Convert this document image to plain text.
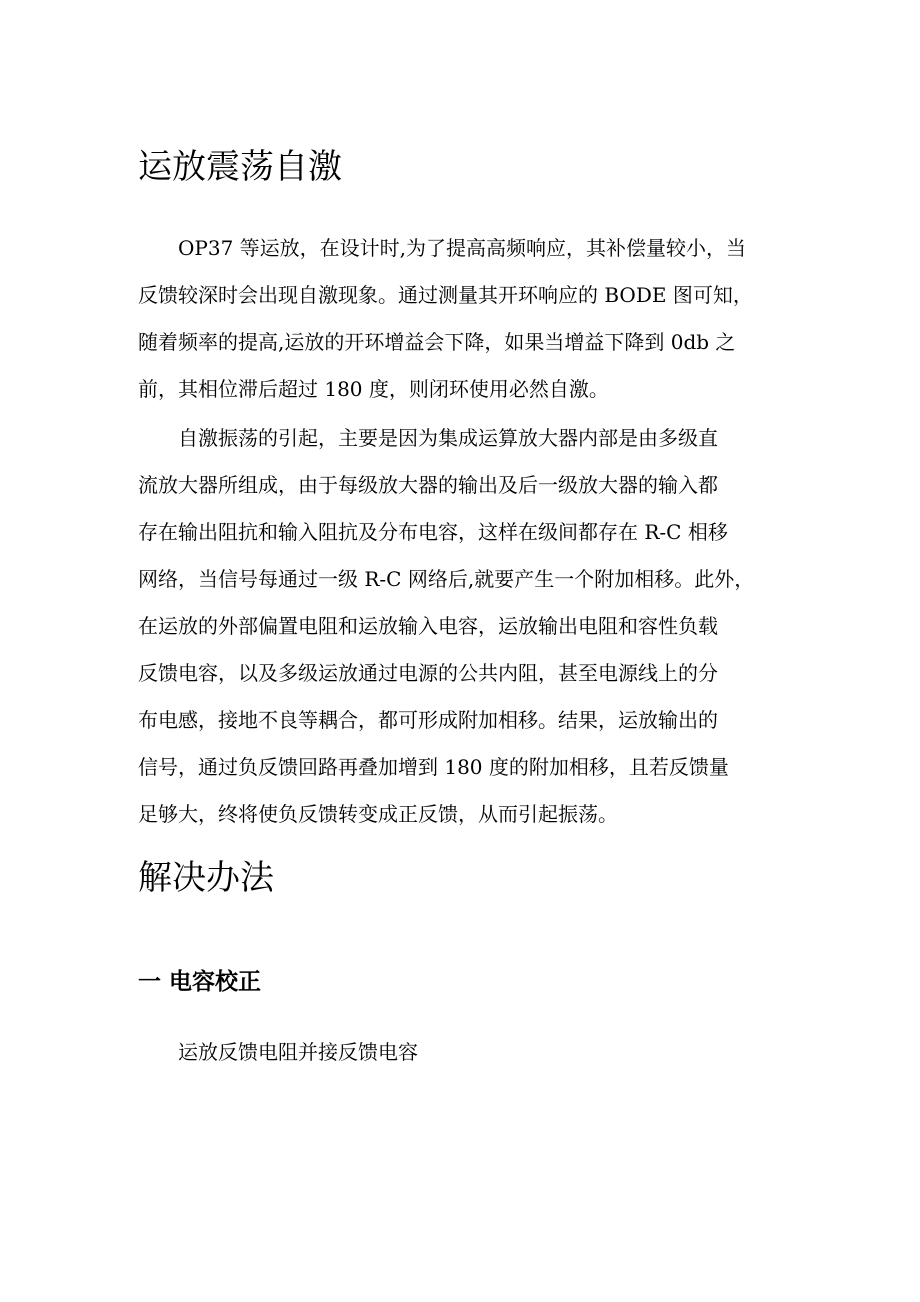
运放震荡自激
OP37 等运放，在设计时,为了提高高频响应，其补偿量较小，当
反馈较深时会出现自激现象。通过测量其开环响应的 BODE 图可知，
随着频率的提高,运放的开环增益会下降，如果当增益下降到 0db 之
前，其相位滞后超过 180 度，则闭环使用必然自激。
自激振荡的引起，主要是因为集成运算放大器内部是由多级直
流放大器所组成，由于每级放大器的输出及后一级放大器的输入都
存在输出阻抗和输入阻抗及分布电容，这样在级间都存在 R-C 相移
网络，当信号每通过一级 R-C 网络后,就要产生一个附加相移。此外，
在运放的外部偏置电阻和运放输入电容，运放输出电阻和容性负载
反馈电容，以及多级运放通过电源的公共内阻，甚至电源线上的分
布电感，接地不良等耦合，都可形成附加相移。结果，运放输出的
信号，通过负反馈回路再叠加增到 180 度的附加相移，且若反馈量
足够大，终将使负反馈转变成正反馈，从而引起振荡。
解决办法
一 电容校正

运放反馈电阻并接反馈电容
